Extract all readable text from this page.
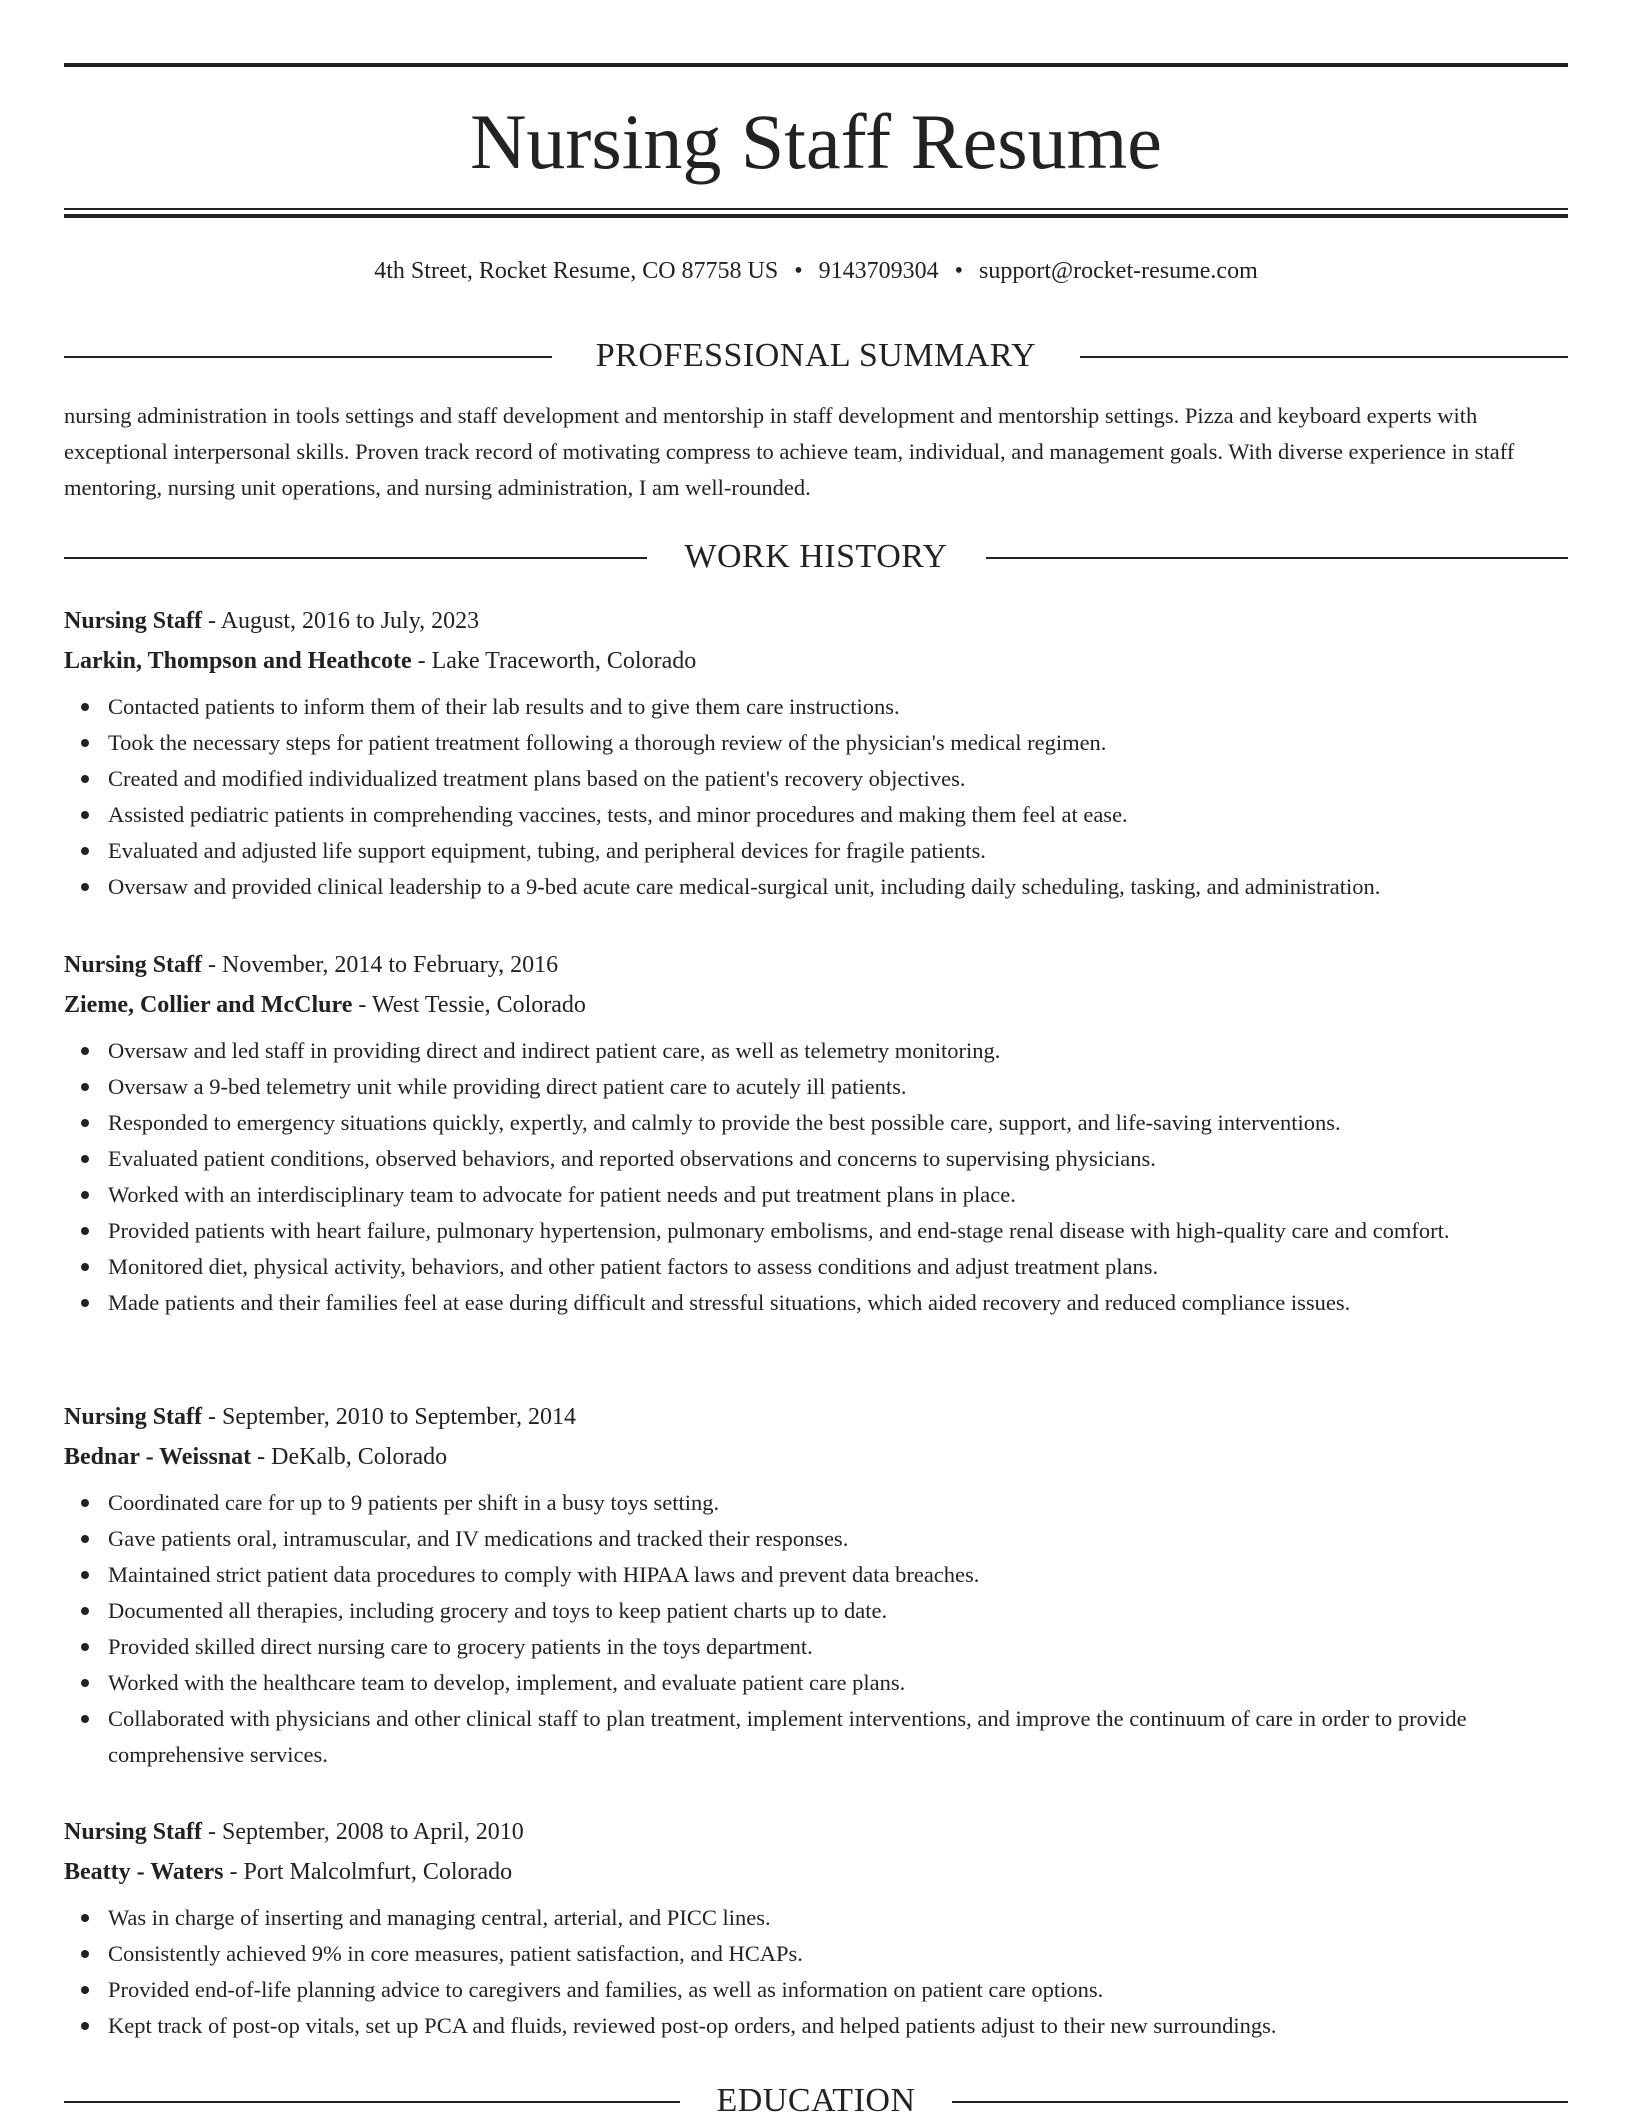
Nursing Staff Resume
4th Street, Rocket Resume, CO 87758 US • 9143709304 • support@rocket-resume.com
PROFESSIONAL SUMMARY
nursing administration in tools settings and staff development and mentorship in staff development and mentorship settings. Pizza and keyboard experts with exceptional interpersonal skills. Proven track record of motivating compress to achieve team, individual, and management goals. With diverse experience in staff mentoring, nursing unit operations, and nursing administration, I am well-rounded.
WORK HISTORY

Nursing Staff - August, 2016 to July, 2023

Larkin, Thompson and Heathcote - Lake Traceworth, Colorado

Contacted patients to inform them of their lab results and to give them care instructions.
Took the necessary steps for patient treatment following a thorough review of the physician's medical regimen.
Created and modified individualized treatment plans based on the patient's recovery objectives.
Assisted pediatric patients in comprehending vaccines, tests, and minor procedures and making them feel at ease.
Evaluated and adjusted life support equipment, tubing, and peripheral devices for fragile patients.
Oversaw and provided clinical leadership to a 9-bed acute care medical-surgical unit, including daily scheduling, tasking, and administration.

Nursing Staff - November, 2014 to February, 2016

Zieme, Collier and McClure - West Tessie, Colorado

Oversaw and led staff in providing direct and indirect patient care, as well as telemetry monitoring.
Oversaw a 9-bed telemetry unit while providing direct patient care to acutely ill patients.
Responded to emergency situations quickly, expertly, and calmly to provide the best possible care, support, and life-saving interventions.
Evaluated patient conditions, observed behaviors, and reported observations and concerns to supervising physicians.
Worked with an interdisciplinary team to advocate for patient needs and put treatment plans in place.
Provided patients with heart failure, pulmonary hypertension, pulmonary embolisms, and end-stage renal disease with high-quality care and comfort.
Monitored diet, physical activity, behaviors, and other patient factors to assess conditions and adjust treatment plans.
Made patients and their families feel at ease during difficult and stressful situations, which aided recovery and reduced compliance issues.

Nursing Staff - September, 2010 to September, 2014

Bednar - Weissnat - DeKalb, Colorado

Coordinated care for up to 9 patients per shift in a busy toys setting.
Gave patients oral, intramuscular, and IV medications and tracked their responses.
Maintained strict patient data procedures to comply with HIPAA laws and prevent data breaches.
Documented all therapies, including grocery and toys to keep patient charts up to date.
Provided skilled direct nursing care to grocery patients in the toys department.
Worked with the healthcare team to develop, implement, and evaluate patient care plans.
Collaborated with physicians and other clinical staff to plan treatment, implement interventions, and improve the continuum of care in order to provide comprehensive services.

Nursing Staff - September, 2008 to April, 2010

Beatty - Waters - Port Malcolmfurt, Colorado

Was in charge of inserting and managing central, arterial, and PICC lines.
Consistently achieved 9% in core measures, patient satisfaction, and HCAPs.
Provided end-of-life planning advice to caregivers and families, as well as information on patient care options.
Kept track of post-op vitals, set up PCA and fluids, reviewed post-op orders, and helped patients adjust to their new surroundings.
EDUCATION
